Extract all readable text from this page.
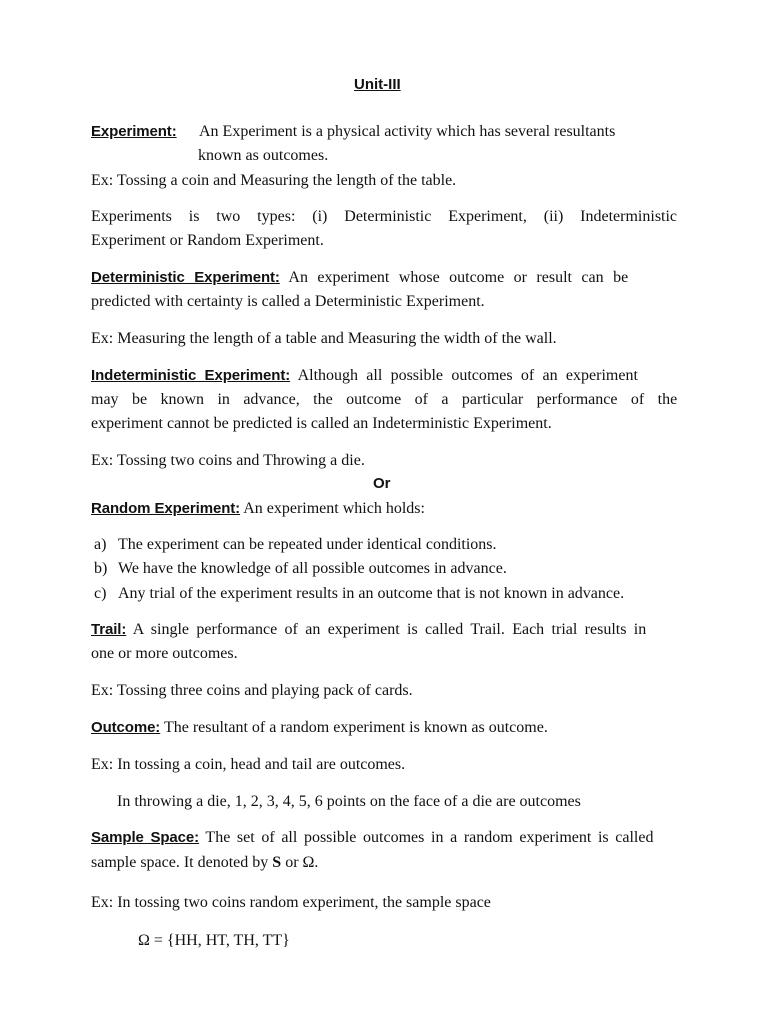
Unit-III
Experiment: An Experiment is a physical activity which has several resultants
known as outcomes.
Ex: Tossing a coin and Measuring the length of the table.
Experiments is two types: (i) Deterministic Experiment, (ii) Indeterministic
Experiment or Random Experiment.
Deterministic Experiment: An experiment whose outcome or result can be
predicted with certainty is called a Deterministic Experiment.
Ex: Measuring the length of a table and Measuring the width of the wall.
Indeterministic Experiment: Although all possible outcomes of an experiment
may be known in advance, the outcome of a particular performance of the
experiment cannot be predicted is called an Indeterministic Experiment.
Ex: Tossing two coins and Throwing a die.
Or
Random Experiment: An experiment which holds:
a) The experiment can be repeated under identical conditions.
b) We have the knowledge of all possible outcomes in advance.
c) Any trial of the experiment results in an outcome that is not known in advance.
Trail: A single performance of an experiment is called Trail. Each trial results in
one or more outcomes.
Ex: Tossing three coins and playing pack of cards.
Outcome: The resultant of a random experiment is known as outcome.
Ex: In tossing a coin, head and tail are outcomes.
In throwing a die, 1, 2, 3, 4, 5, 6 points on the face of a die are outcomes
Sample Space: The set of all possible outcomes in a random experiment is called
sample space. It denoted by S or Ω.
Ex: In tossing two coins random experiment, the sample space
Ω = {HH, HT, TH, TT}
